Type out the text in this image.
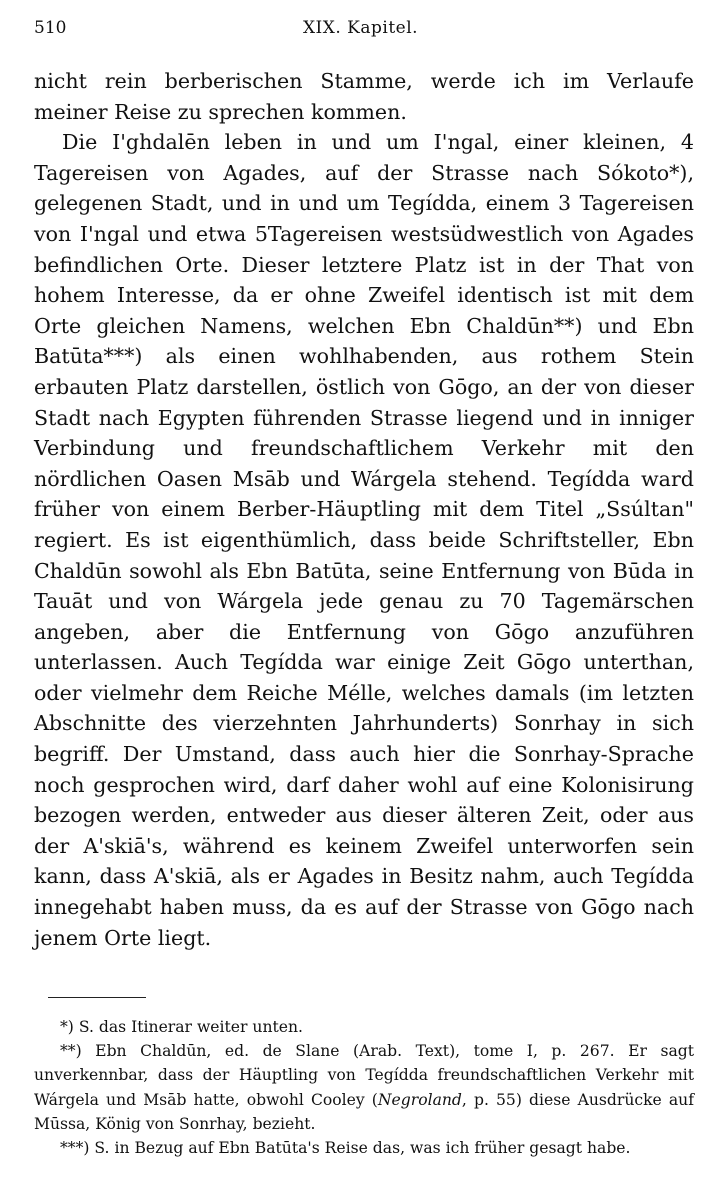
510	XIX. Kapitel.

nicht rein berberischen Stamme, werde ich im Verlaufe meiner Reise zu sprechen kommen.

Die I'ghdalēn leben in und um I'ngal, einer kleinen, 4 Tagereisen von Agades, auf der Strasse nach Sókoto*), gelegenen Stadt, und in und um Tegídda, einem 3 Tagereisen von I'ngal und etwa 5Tagereisen westsüdwestlich von Agades befindlichen Orte. Dieser letztere Platz ist in der That von hohem Interesse, da er ohne Zweifel identisch ist mit dem Orte gleichen Namens, welchen Ebn Chaldūn**) und Ebn Batūta***) als einen wohlhabenden, aus rothem Stein erbauten Platz darstellen, östlich von Gōgo, an der von dieser Stadt nach Egypten führenden Strasse liegend und in inniger Verbindung und freundschaftlichem Verkehr mit den nördlichen Oasen Msāb und Wárgela stehend. Tegídda ward früher von einem Berber-Häuptling mit dem Titel „Ssúltan" regiert. Es ist eigenthümlich, dass beide Schriftsteller, Ebn Chaldūn sowohl als Ebn Batūta, seine Entfernung von Būda in Tauāt und von Wárgela jede genau zu 70 Tagemärschen angeben, aber die Entfernung von Gōgo anzuführen unterlassen. Auch Tegídda war einige Zeit Gōgo unterthan, oder vielmehr dem Reiche Mélle, welches damals (im letzten Abschnitte des vierzehnten Jahrhunderts) Sonrhay in sich begriff. Der Umstand, dass auch hier die Sonrhay-Sprache noch gesprochen wird, darf daher wohl auf eine Kolonisirung bezogen werden, entweder aus dieser älteren Zeit, oder aus der A'skiā's, während es keinem Zweifel unterworfen sein kann, dass A'skiā, als er Agades in Besitz nahm, auch Tegídda innegehabt haben muss, da es auf der Strasse von Gōgo nach jenem Orte liegt.

*) S. das Itinerar weiter unten.

**) Ebn Chaldūn, ed. de Slane (Arab. Text), tome I, p. 267. Er sagt unverkennbar, dass der Häuptling von Tegídda freundschaftlichen Verkehr mit Wárgela und Msāb hatte, obwohl Cooley (Negroland, p. 55) diese Ausdrücke auf Mūssa, König von Sonrhay, bezieht.

***) S. in Bezug auf Ebn Batūta's Reise das, was ich früher gesagt habe.
